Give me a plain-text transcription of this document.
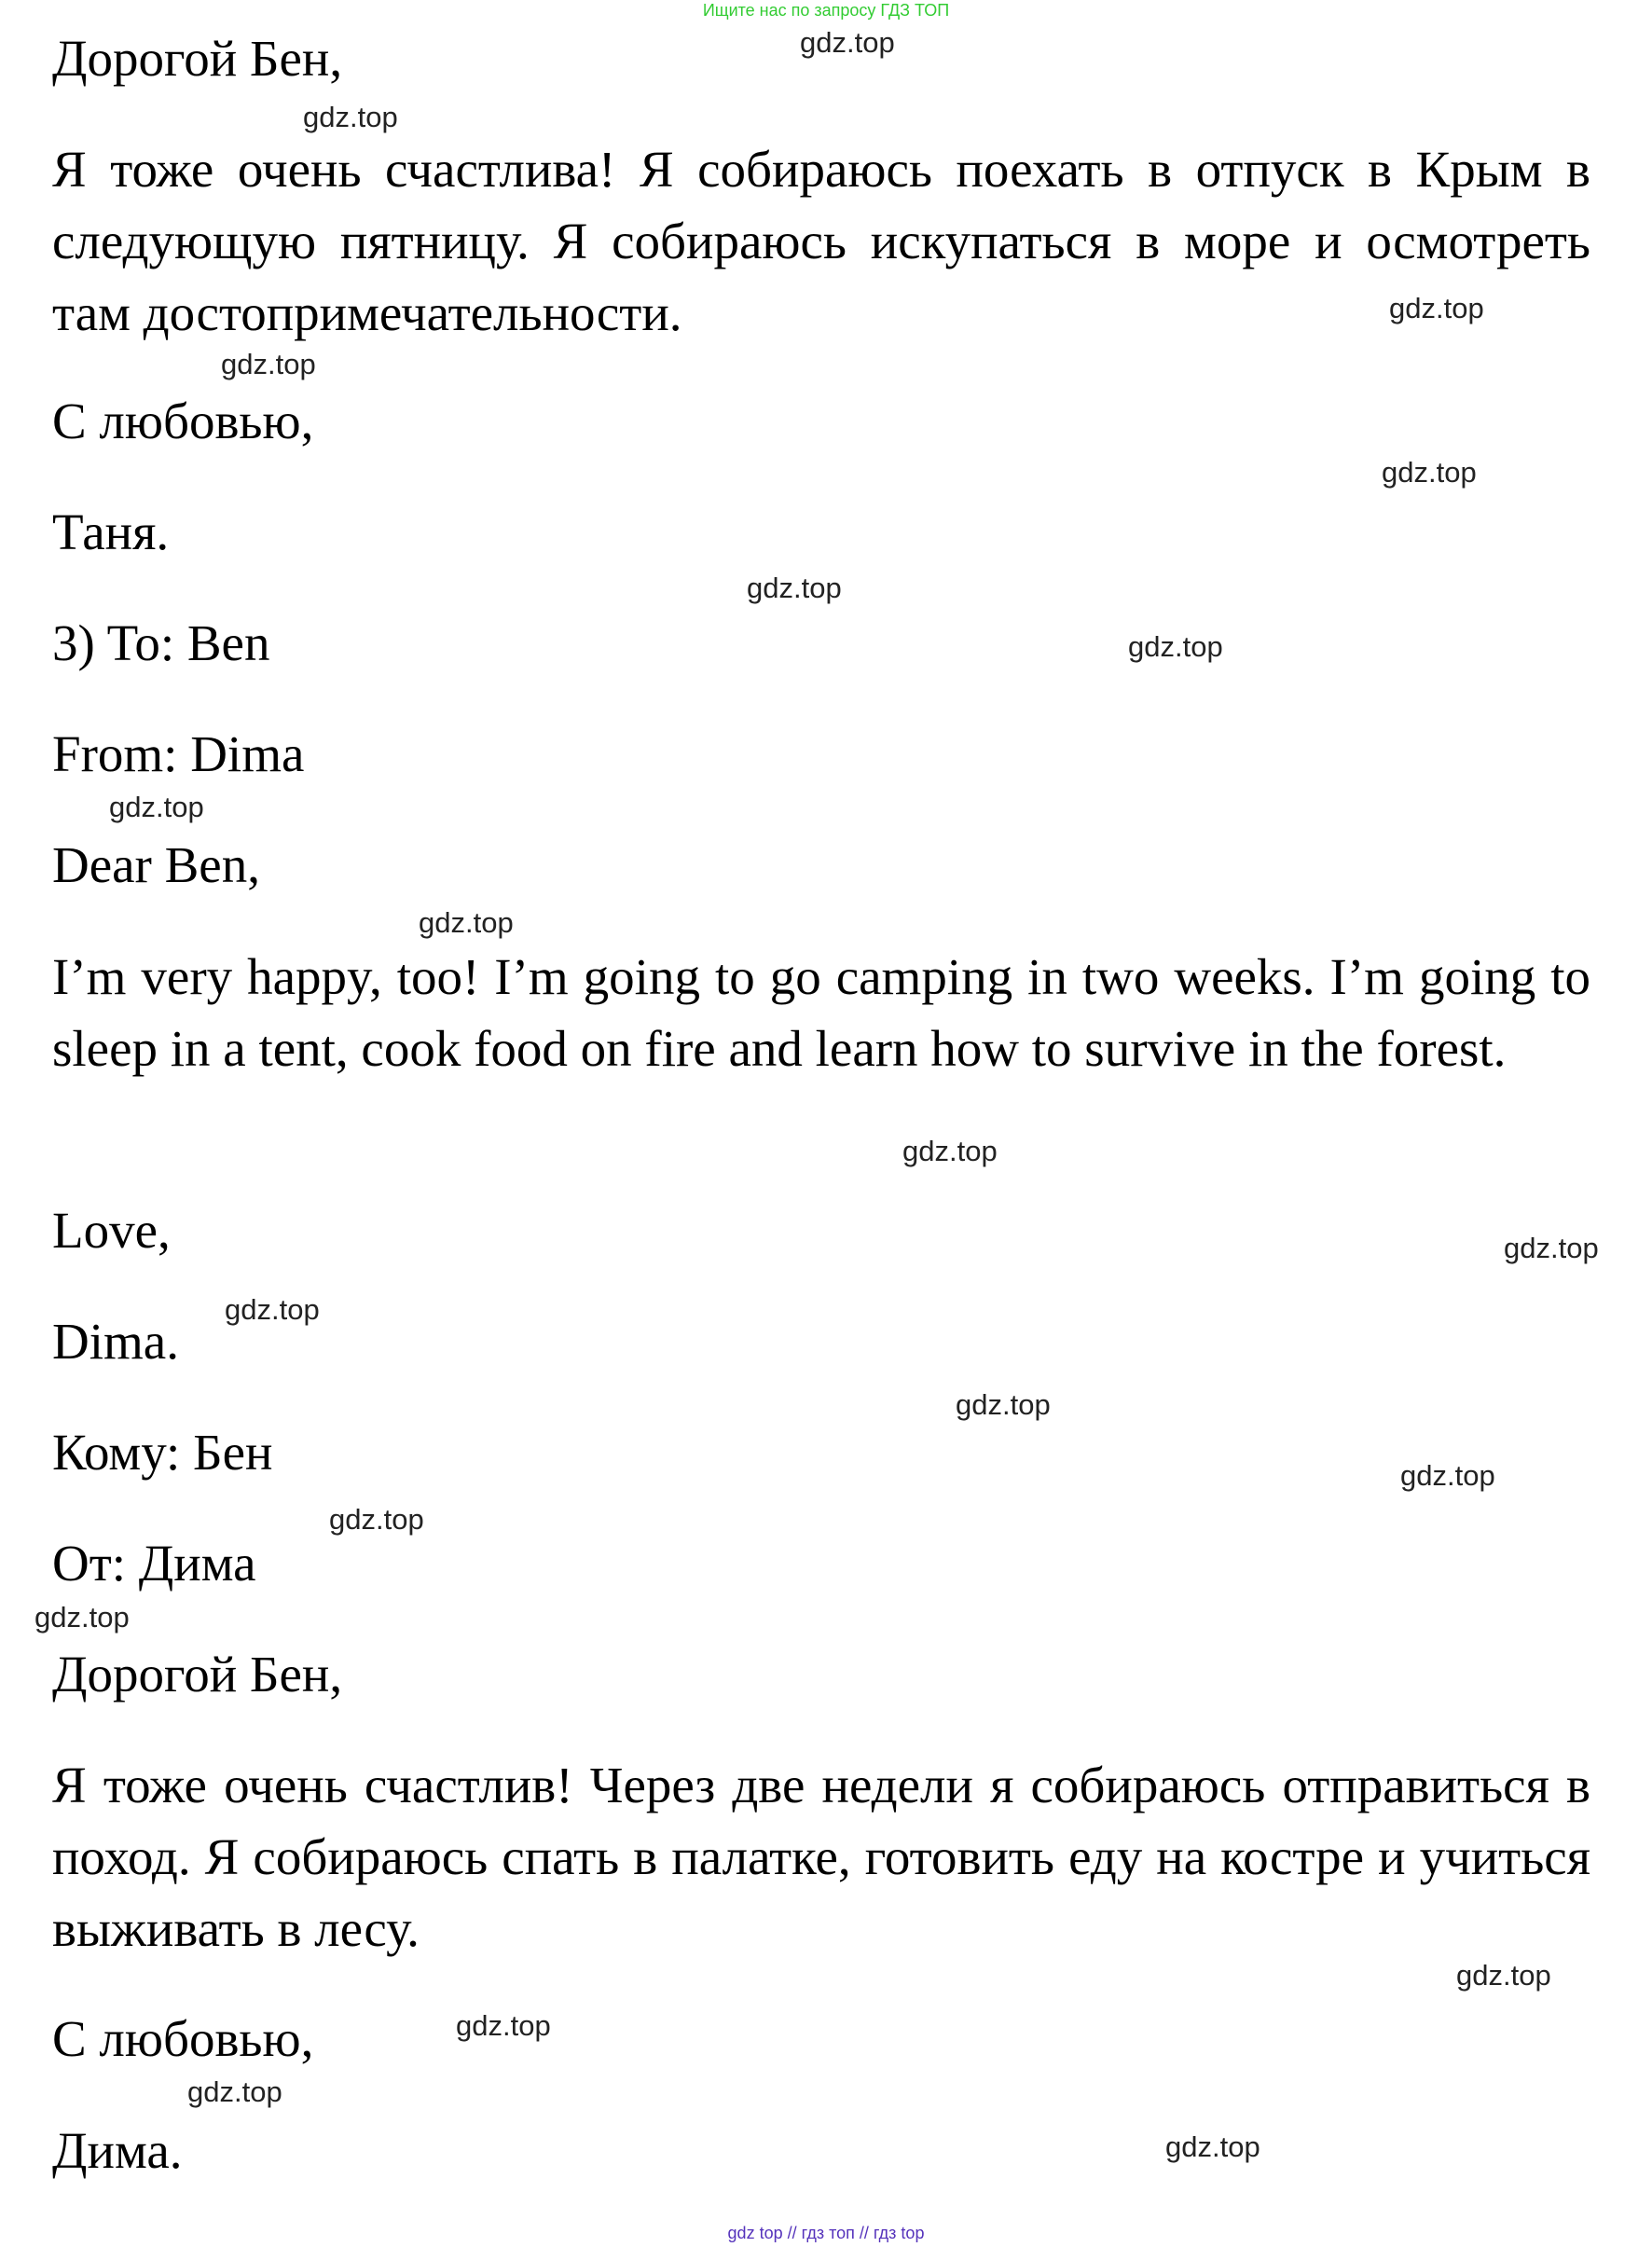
Ищите нас по запросу ГДЗ ТОП

Дорогой Бен,

Я тоже очень счастлива! Я собираюсь поехать в отпуск в Крым в следующую пятницу. Я собираюсь искупаться в море и осмотреть там достопримечательности.

С любовью,

Таня.

3) To: Ben

From: Dima

Dear Ben,

I’m very happy, too! I’m going to go camping in two weeks. I’m going to sleep in a tent, cook food on fire and learn how to survive in the forest.

Love,

Dima.

Кому: Бен

От: Дима

Дорогой Бен,

Я тоже очень счастлив! Через две недели я собираюсь отправиться в поход. Я собираюсь спать в палатке, готовить еду на костре и учиться выживать в лесу.

С любовью,

Дима.

gdz.top
gdz.top
gdz.top
gdz.top
gdz.top
gdz.top
gdz.top
gdz.top
gdz.top
gdz.top
gdz.top
gdz.top
gdz.top
gdz.top
gdz.top
gdz.top
gdz.top
gdz.top
gdz.top
gdz.top
gdz top // гдз топ // гдз top
